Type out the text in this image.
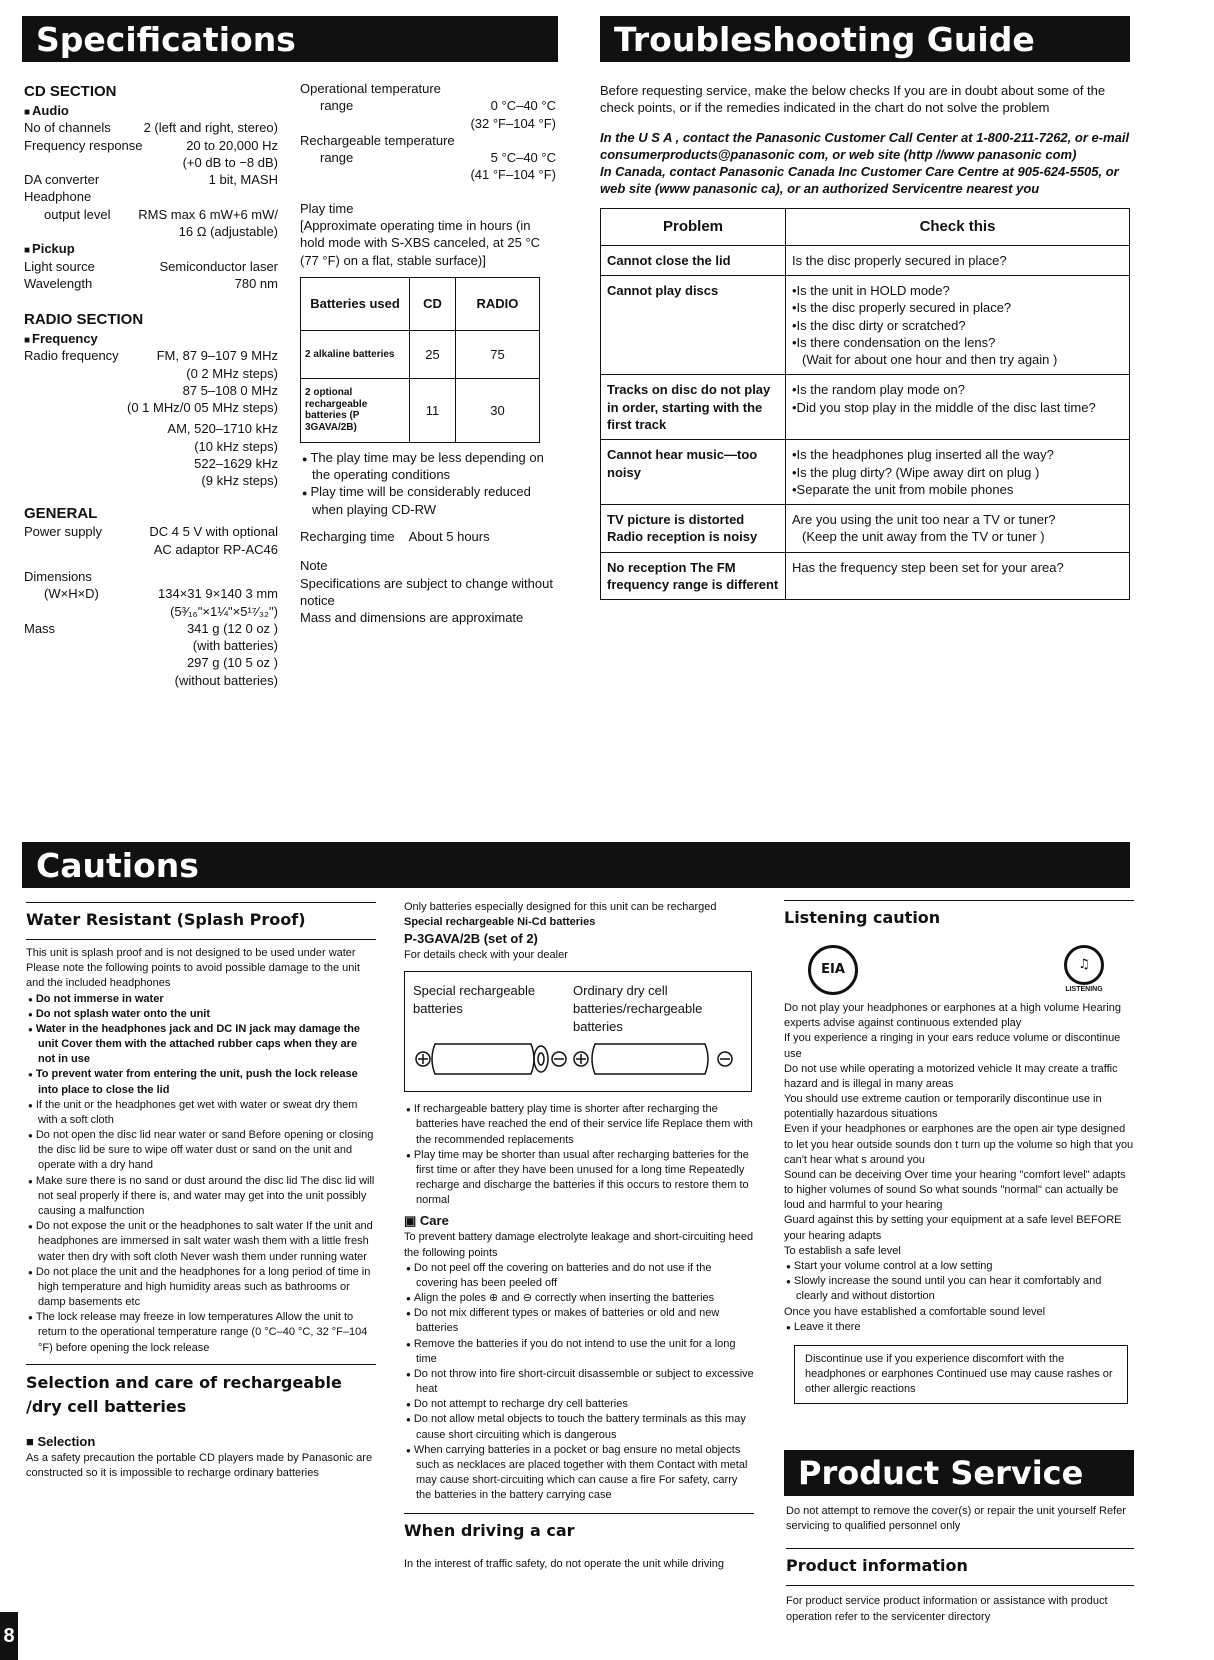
Specifications	Troubleshooting Guide
Cautions
Product Service
CD SECTION
■ Audio
No of channels	2 (left and right, stereo)
Frequency response	20 to 20,000 Hz
(+0 dB to −8 dB)
DA converter	1 bit, MASH
Headphone
output level RMS max 6 mW+6 mW/
16 Ω (adjustable)
■ Pickup
Light source	Semiconductor laser
Wavelength	780 nm
RADIO SECTION
■ Frequency
Radio frequency	FM, 87 9–107 9 MHz
(0 2 MHz steps)
87 5–108 0 MHz
(0 1 MHz/0 05 MHz steps)
AM, 520–1710 kHz
(10 kHz steps)
522–1629 kHz
(9 kHz steps)
GENERAL
Power supply	DC 4 5 V with optional
AC adaptor RP-AC46
Dimensions
(W×H×D)	134×31 9×140 3 mm
(5³⁄₁₆"×1¼"×5¹⁷⁄₃₂")
Mass	341 g (12 0 oz )
(with batteries)
297 g (10 5 oz )
(without batteries)
Operational temperature
range	0 °C–40 °C
(32 °F–104 °F)
Rechargeable temperature
range	5 °C–40 °C
(41 °F–104 °F)
Play time
[Approximate operating time in hours (in hold mode with S-XBS canceled, at 25 °C (77 °F) on a flat, stable surface)]
Batteries used	CD	RADIO
2 alkaline batteries	25	75
2 optional rechargeable batteries (P 3GAVA/2B)	11	30
● The play time may be less depending on the operating conditions
● Play time will be considerably reduced when playing CD-RW
Recharging time About 5 hours
Note
Specifications are subject to change without notice
Mass and dimensions are approximate
Before requesting service, make the below checks If you are in doubt about some of the check points, or if the remedies indicated in the chart do not solve the problem
In the U S A , contact the Panasonic Customer Call Center at 1-800-211-7262, or e-mail consumerproducts@panasonic com, or web site (http //www panasonic com)
In Canada, contact Panasonic Canada Inc Customer Care Centre at 905-624-5505, or web site (www panasonic ca), or an authorized Servicentre nearest you
Problem	Check this
Cannot close the lid	Is the disc properly secured in place?

Cannot play discs	•Is the unit in HOLD mode?
•Is the disc properly secured in place?
•Is the disc dirty or scratched?
•Is there condensation on the lens?
(Wait for about one hour and then try again )

Tracks on disc do not play in order, starting with the first track	•Is the random play mode on?
•Did you stop play in the middle of the disc last time?

Cannot hear music—too noisy	•Is the headphones plug inserted all the way?
•Is the plug dirty? (Wipe away dirt on plug )
•Separate the unit from mobile phones

TV picture is distorted Radio reception is noisy	Are you using the unit too near a TV or tuner?
(Keep the unit away from the TV or tuner )

No reception The FM frequency range is different	Has the frequency step been set for your area?
Water Resistant (Splash Proof)
This unit is splash proof and is not designed to be used under water
Please note the following points to avoid possible damage to the unit and the included headphones
● Do not immerse in water
● Do not splash water onto the unit
● Water in the headphones jack and DC IN jack may damage the unit Cover them with the attached rubber caps when they are not in use
● To prevent water from entering the unit, push the lock release into place to close the lid
● If the unit or the headphones get wet with water or sweat dry them with a soft cloth
● Do not open the disc lid near water or sand Before opening or closing the disc lid be sure to wipe off water dust or sand on the unit and operate with a dry hand
● Make sure there is no sand or dust around the disc lid The disc lid will not seal properly if there is, and water may get into the unit possibly causing a malfunction
● Do not expose the unit or the headphones to salt water If the unit and headphones are immersed in salt water wash them with a little fresh water then dry with soft cloth Never wash them under running water
● Do not place the unit and the headphones for a long period of time in high temperature and high humidity areas such as bathrooms or damp basements etc
● The lock release may freeze in low temperatures Allow the unit to return to the operational temperature range (0 °C–40 °C, 32 °F–104 °F) before opening the lock release
Selection and care of rechargeable /dry cell batteries
■ Selection
As a safety precaution the portable CD players made by Panasonic are constructed so it is impossible to recharge ordinary batteries
Only batteries especially designed for this unit can be recharged
Special rechargeable Ni-Cd batteries
P-3GAVA/2B (set of 2)
For details check with your dealer
Special rechargeable batteries
Ordinary dry cell batteries/rechargeable batteries
● If rechargeable battery play time is shorter after recharging the batteries have reached the end of their service life Replace them with the recommended replacements
● Play time may be shorter than usual after recharging batteries for the first time or after they have been unused for a long time Repeatedly recharge and discharge the batteries if this occurs to restore them to normal
▣ Care
To prevent battery damage electrolyte leakage and short-circuiting heed the following points
● Do not peel off the covering on batteries and do not use if the covering has been peeled off
● Align the poles ⊕ and ⊖ correctly when inserting the batteries
● Do not mix different types or makes of batteries or old and new batteries
● Remove the batteries if you do not intend to use the unit for a long time
● Do not throw into fire short-circuit disassemble or subject to excessive heat
● Do not attempt to recharge dry cell batteries
● Do not allow metal objects to touch the battery terminals as this may cause short circuiting which is dangerous
● When carrying batteries in a pocket or bag ensure no metal objects such as necklaces are placed together with them Contact with metal may cause short-circuiting which can cause a fire For safety, carry the batteries in the battery carrying case
When driving a car
In the interest of traffic safety, do not operate the unit while driving
Listening caution
EIA	♫
LISTENING
Do not play your headphones or earphones at a high volume Hearing experts advise against continuous extended play
If you experience a ringing in your ears reduce volume or discontinue use
Do not use while operating a motorized vehicle It may create a traffic hazard and is illegal in many areas
You should use extreme caution or temporarily discontinue use in potentially hazardous situations
Even if your headphones or earphones are the open air type designed to let you hear outside sounds don t turn up the volume so high that you can't hear what s around you
Sound can be deceiving Over time your hearing "comfort level" adapts to higher volumes of sound So what sounds "normal" can actually be loud and harmful to your hearing
Guard against this by setting your equipment at a safe level BEFORE your hearing adapts
To establish a safe level
● Start your volume control at a low setting
● Slowly increase the sound until you can hear it comfortably and clearly and without distortion
Once you have established a comfortable sound level
● Leave it there
Discontinue use if you experience discomfort with the headphones or earphones Continued use may cause rashes or other allergic reactions
Do not attempt to remove the cover(s) or repair the unit yourself Refer servicing to qualified personnel only
Product information
For product service product information or assistance with product operation refer to the servicenter directory
8
